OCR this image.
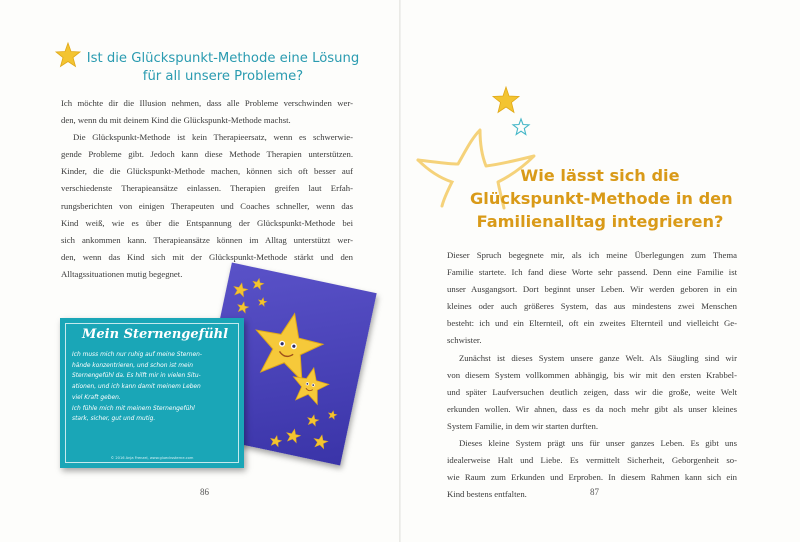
Ist die Glückspunkt-Methode eine Lösung
für all unsere Probleme?
Ich möchte dir die Illusion nehmen, dass alle Probleme verschwinden wer-
den, wenn du mit deinem Kind die Glückspunkt-Methode machst.
Die Glückspunkt-Methode ist kein Therapieersatz, wenn es schwerwie-
gende Probleme gibt. Jedoch kann diese Methode Therapien unterstützen.
Kinder, die die Glückspunkt-Methode machen, können sich oft besser auf
verschiedenste Therapieansätze einlassen. Therapien greifen laut Erfah-
rungsberichten von einigen Therapeuten und Coaches schneller, wenn das
Kind weiß, wie es über die Entspannung der Glückspunkt-Methode bei
sich ankommen kann. Therapieansätze können im Alltag unterstützt wer-
den, wenn das Kind sich mit der Glückspunkt-Methode stärkt und den
Alltagssituationen mutig begegnet.
Mein Sternengefühl
Ich muss mich nur ruhig auf meine Sternen-
hände konzentrieren, und schon ist mein
Sternengefühl da. Es hilft mir in vielen Situ-
ationen, und ich kann damit meinem Leben
viel Kraft geben.
Ich fühle mich mit meinem Sternengefühl
stark, sicher, gut und mutig.
© 2016 Anja Frenzel, www.glueckssterne.com
86
Wie lässt sich die
Glückspunkt-Methode in den
Familienalltag integrieren?
Dieser Spruch begegnete mir, als ich meine Überlegungen zum Thema
Familie startete. Ich fand diese Worte sehr passend. Denn eine Familie ist
unser Ausgangsort. Dort beginnt unser Leben. Wir werden geboren in ein
kleines oder auch größeres System, das aus mindestens zwei Menschen
besteht: ich und ein Elternteil, oft ein zweites Elternteil und vielleicht Ge-
schwister.
Zunächst ist dieses System unsere ganze Welt. Als Säugling sind wir
von diesem System vollkommen abhängig, bis wir mit den ersten Krabbel-
und später Laufversuchen deutlich zeigen, dass wir die große, weite Welt
erkunden wollen. Wir ahnen, dass es da noch mehr gibt als unser kleines
System Familie, in dem wir starten durften.
Dieses kleine System prägt uns für unser ganzes Leben. Es gibt uns
idealerweise Halt und Liebe. Es vermittelt Sicherheit, Geborgenheit so-
wie Raum zum Erkunden und Erproben. In diesem Rahmen kann sich ein
Kind bestens entfalten.	87
